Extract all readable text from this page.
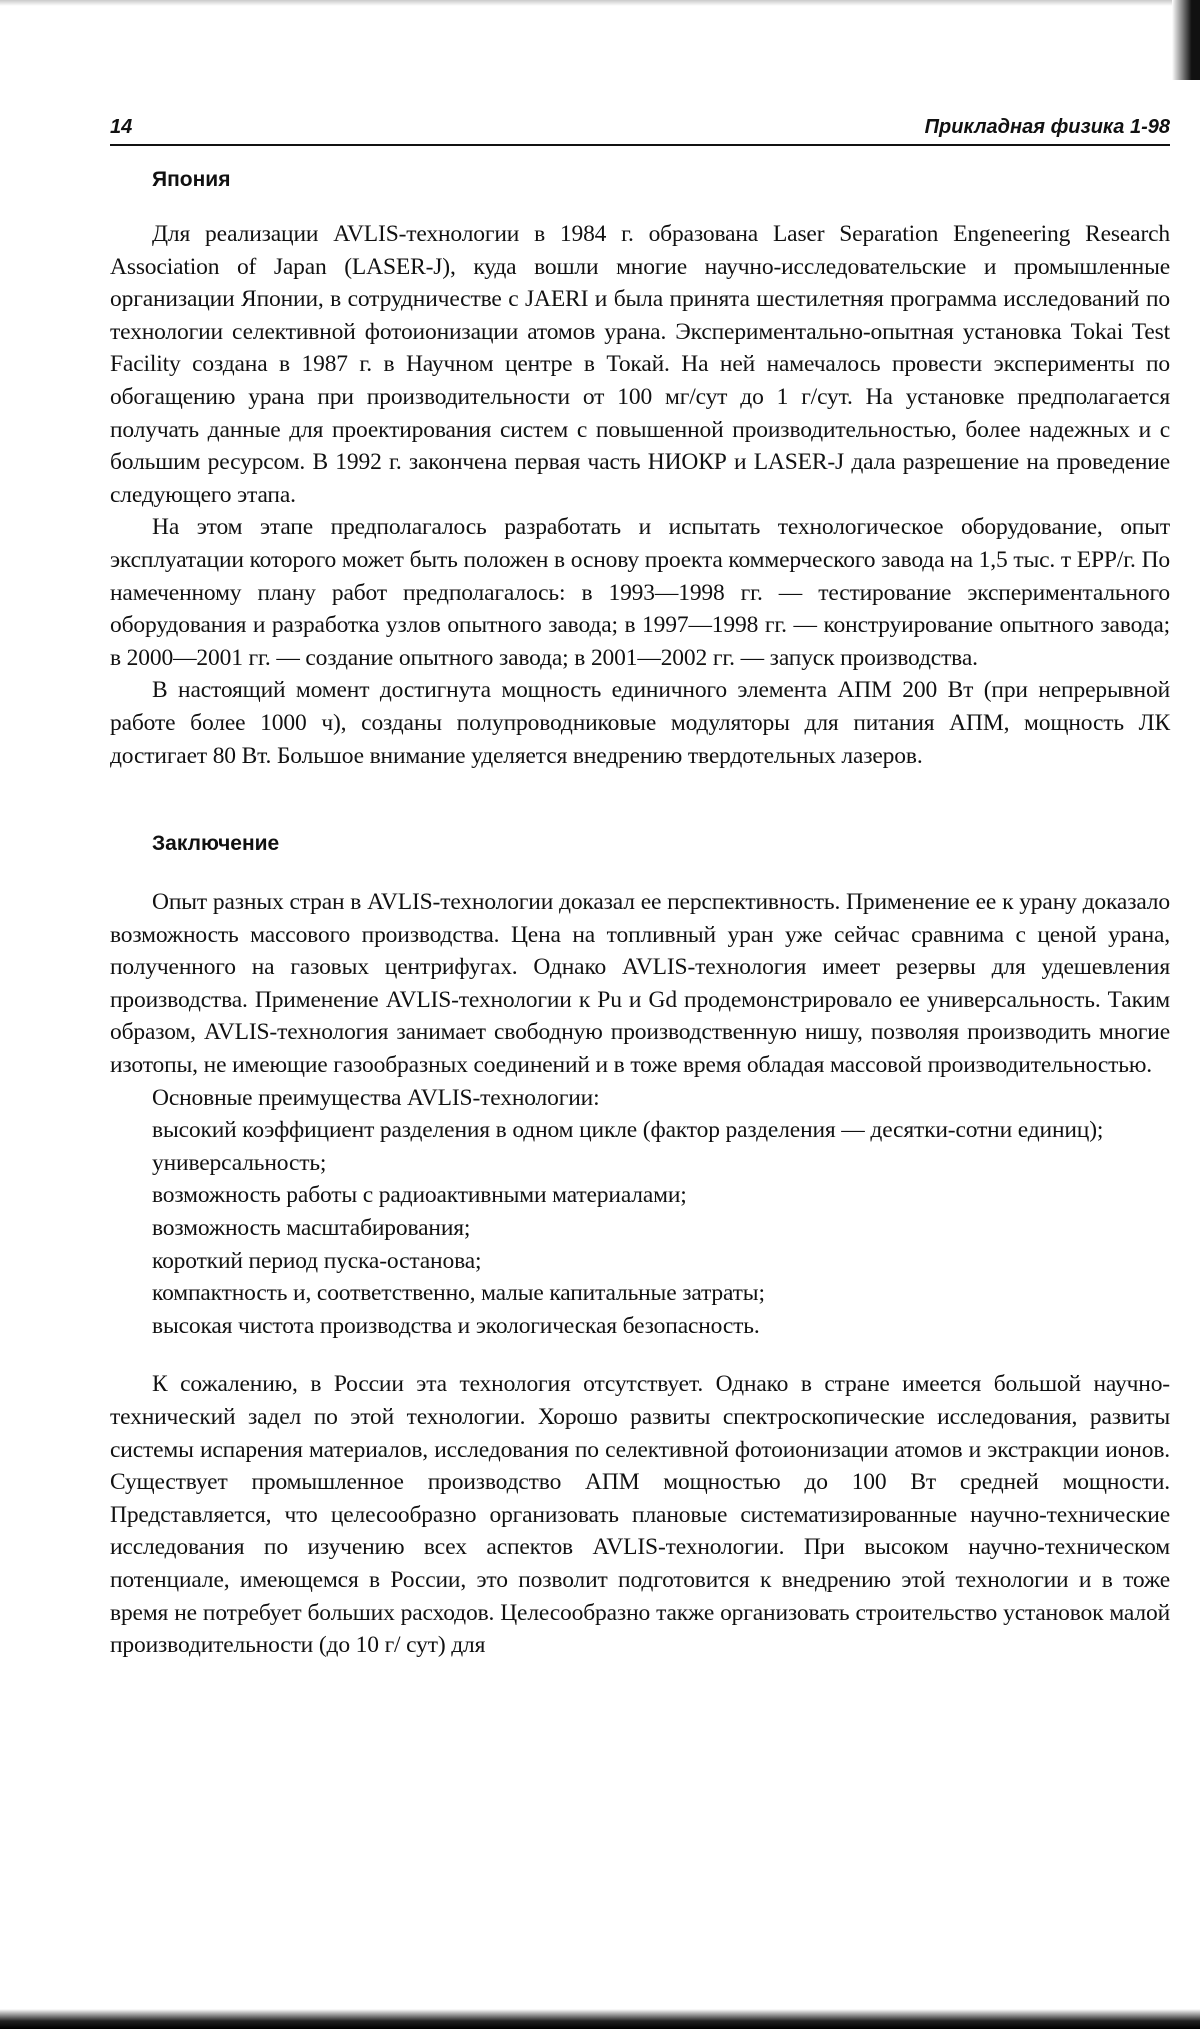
14	Прикладная физика 1-98
Япония

Для реализации AVLIS-технологии в 1984 г. образована Laser Separation Engeneering Research Association of Japan (LASER-J), куда вошли многие научно-исследовательские и промышленные организации Японии, в сотрудничестве с JAERI и была принята шестилетняя программа исследований по технологии селективной фотоионизации атомов урана. Экспериментально-опытная установка Tokai Test Facility создана в 1987 г. в Научном центре в Токай. На ней намечалось провести эксперименты по обогащению урана при производительности от 100 мг/сут до 1 г/сут. На установке предполагается получать данные для проектирования систем с повышенной производительностью, более надежных и с большим ресурсом. В 1992 г. закончена первая часть НИОКР и LASER-J дала разрешение на проведение следующего этапа.

На этом этапе предполагалось разработать и испытать технологическое оборудование, опыт эксплуатации которого может быть положен в основу проекта коммерческого завода на 1,5 тыс. т ЕРР/г. По намеченному плану работ предполагалось: в 1993—1998 гг. — тестирование экспериментального оборудования и разработка узлов опытного завода; в 1997—1998 гг. — конструирование опытного завода; в 2000—2001 гг. — создание опытного завода; в 2001—2002 гг. — запуск производства.

В настоящий момент достигнута мощность единичного элемента АПМ 200 Вт (при непрерывной работе более 1000 ч), созданы полупроводниковые модуляторы для питания АПМ, мощность ЛК достигает 80 Вт. Большое внимание уделяется внедрению твердотельных лазеров.

Заключение

Опыт разных стран в AVLIS-технологии доказал ее перспективность. Применение ее к урану доказало возможность массового производства. Цена на топливный уран уже сейчас сравнима с ценой урана, полученного на газовых центрифугах. Однако AVLIS-технология имеет резервы для удешевления производства. Применение AVLIS-технологии к Pu и Gd продемонстрировало ее универсальность. Таким образом, AVLIS-технология занимает свободную производственную нишу, позволяя производить многие изотопы, не имеющие газообразных соединений и в тоже время обладая массовой производительностью.

Основные преимущества AVLIS-технологии:

высокий коэффициент разделения в одном цикле (фактор разделения — десятки-сотни единиц);
универсальность;
возможность работы с радиоактивными материалами;
возможность масштабирования;
короткий период пуска-останова;
компактность и, соответственно, малые капитальные затраты;
высокая чистота производства и экологическая безопасность.

К сожалению, в России эта технология отсутствует. Однако в стране имеется большой научно-технический задел по этой технологии. Хорошо развиты спектроскопические исследования, развиты системы испарения материалов, исследования по селективной фотоионизации атомов и экстракции ионов. Существует промышленное производство АПМ мощностью до 100 Вт средней мощности. Представляется, что целесообразно организовать плановые систематизированные научно-технические исследования по изучению всех аспектов AVLIS-технологии. При высоком научно-техническом потенциале, имеющемся в России, это позволит подготовится к внедрению этой технологии и в тоже время не потребует больших расходов. Целесообразно также организовать строительство установок малой производительности (до 10 г/ сут) для
